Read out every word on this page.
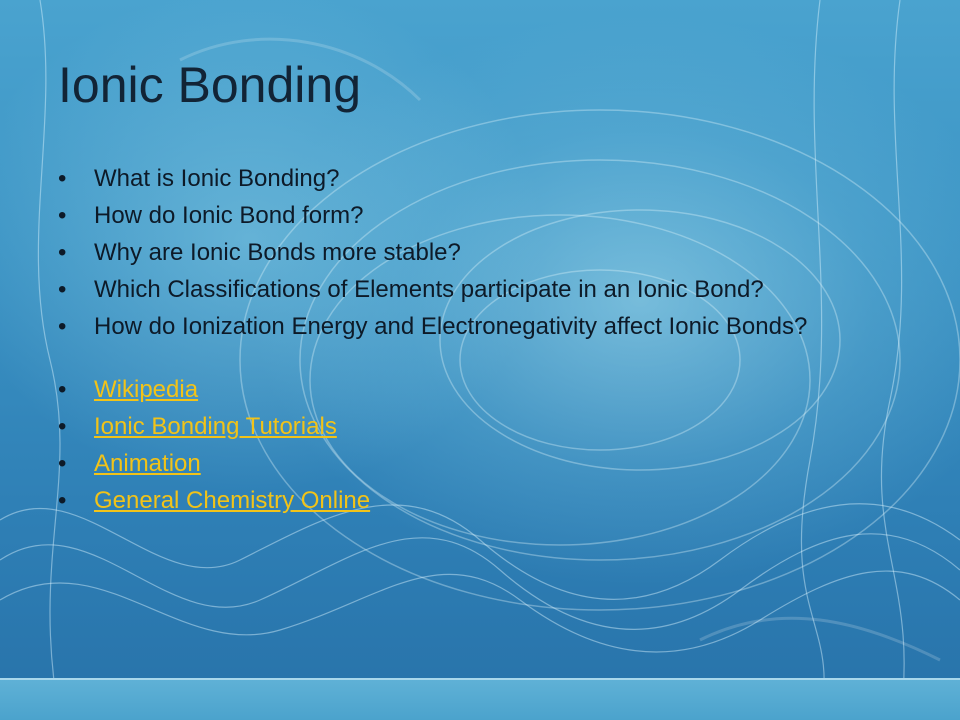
Ionic Bonding
• What is Ionic Bonding?
• How do Ionic Bond form?
• Why are Ionic Bonds more stable?
• Which Classifications of Elements participate in an Ionic Bond?
• How do Ionization Energy and Electronegativity affect Ionic Bonds?
• Wikipedia
• Ionic Bonding Tutorials
• Animation
• General Chemistry Online
